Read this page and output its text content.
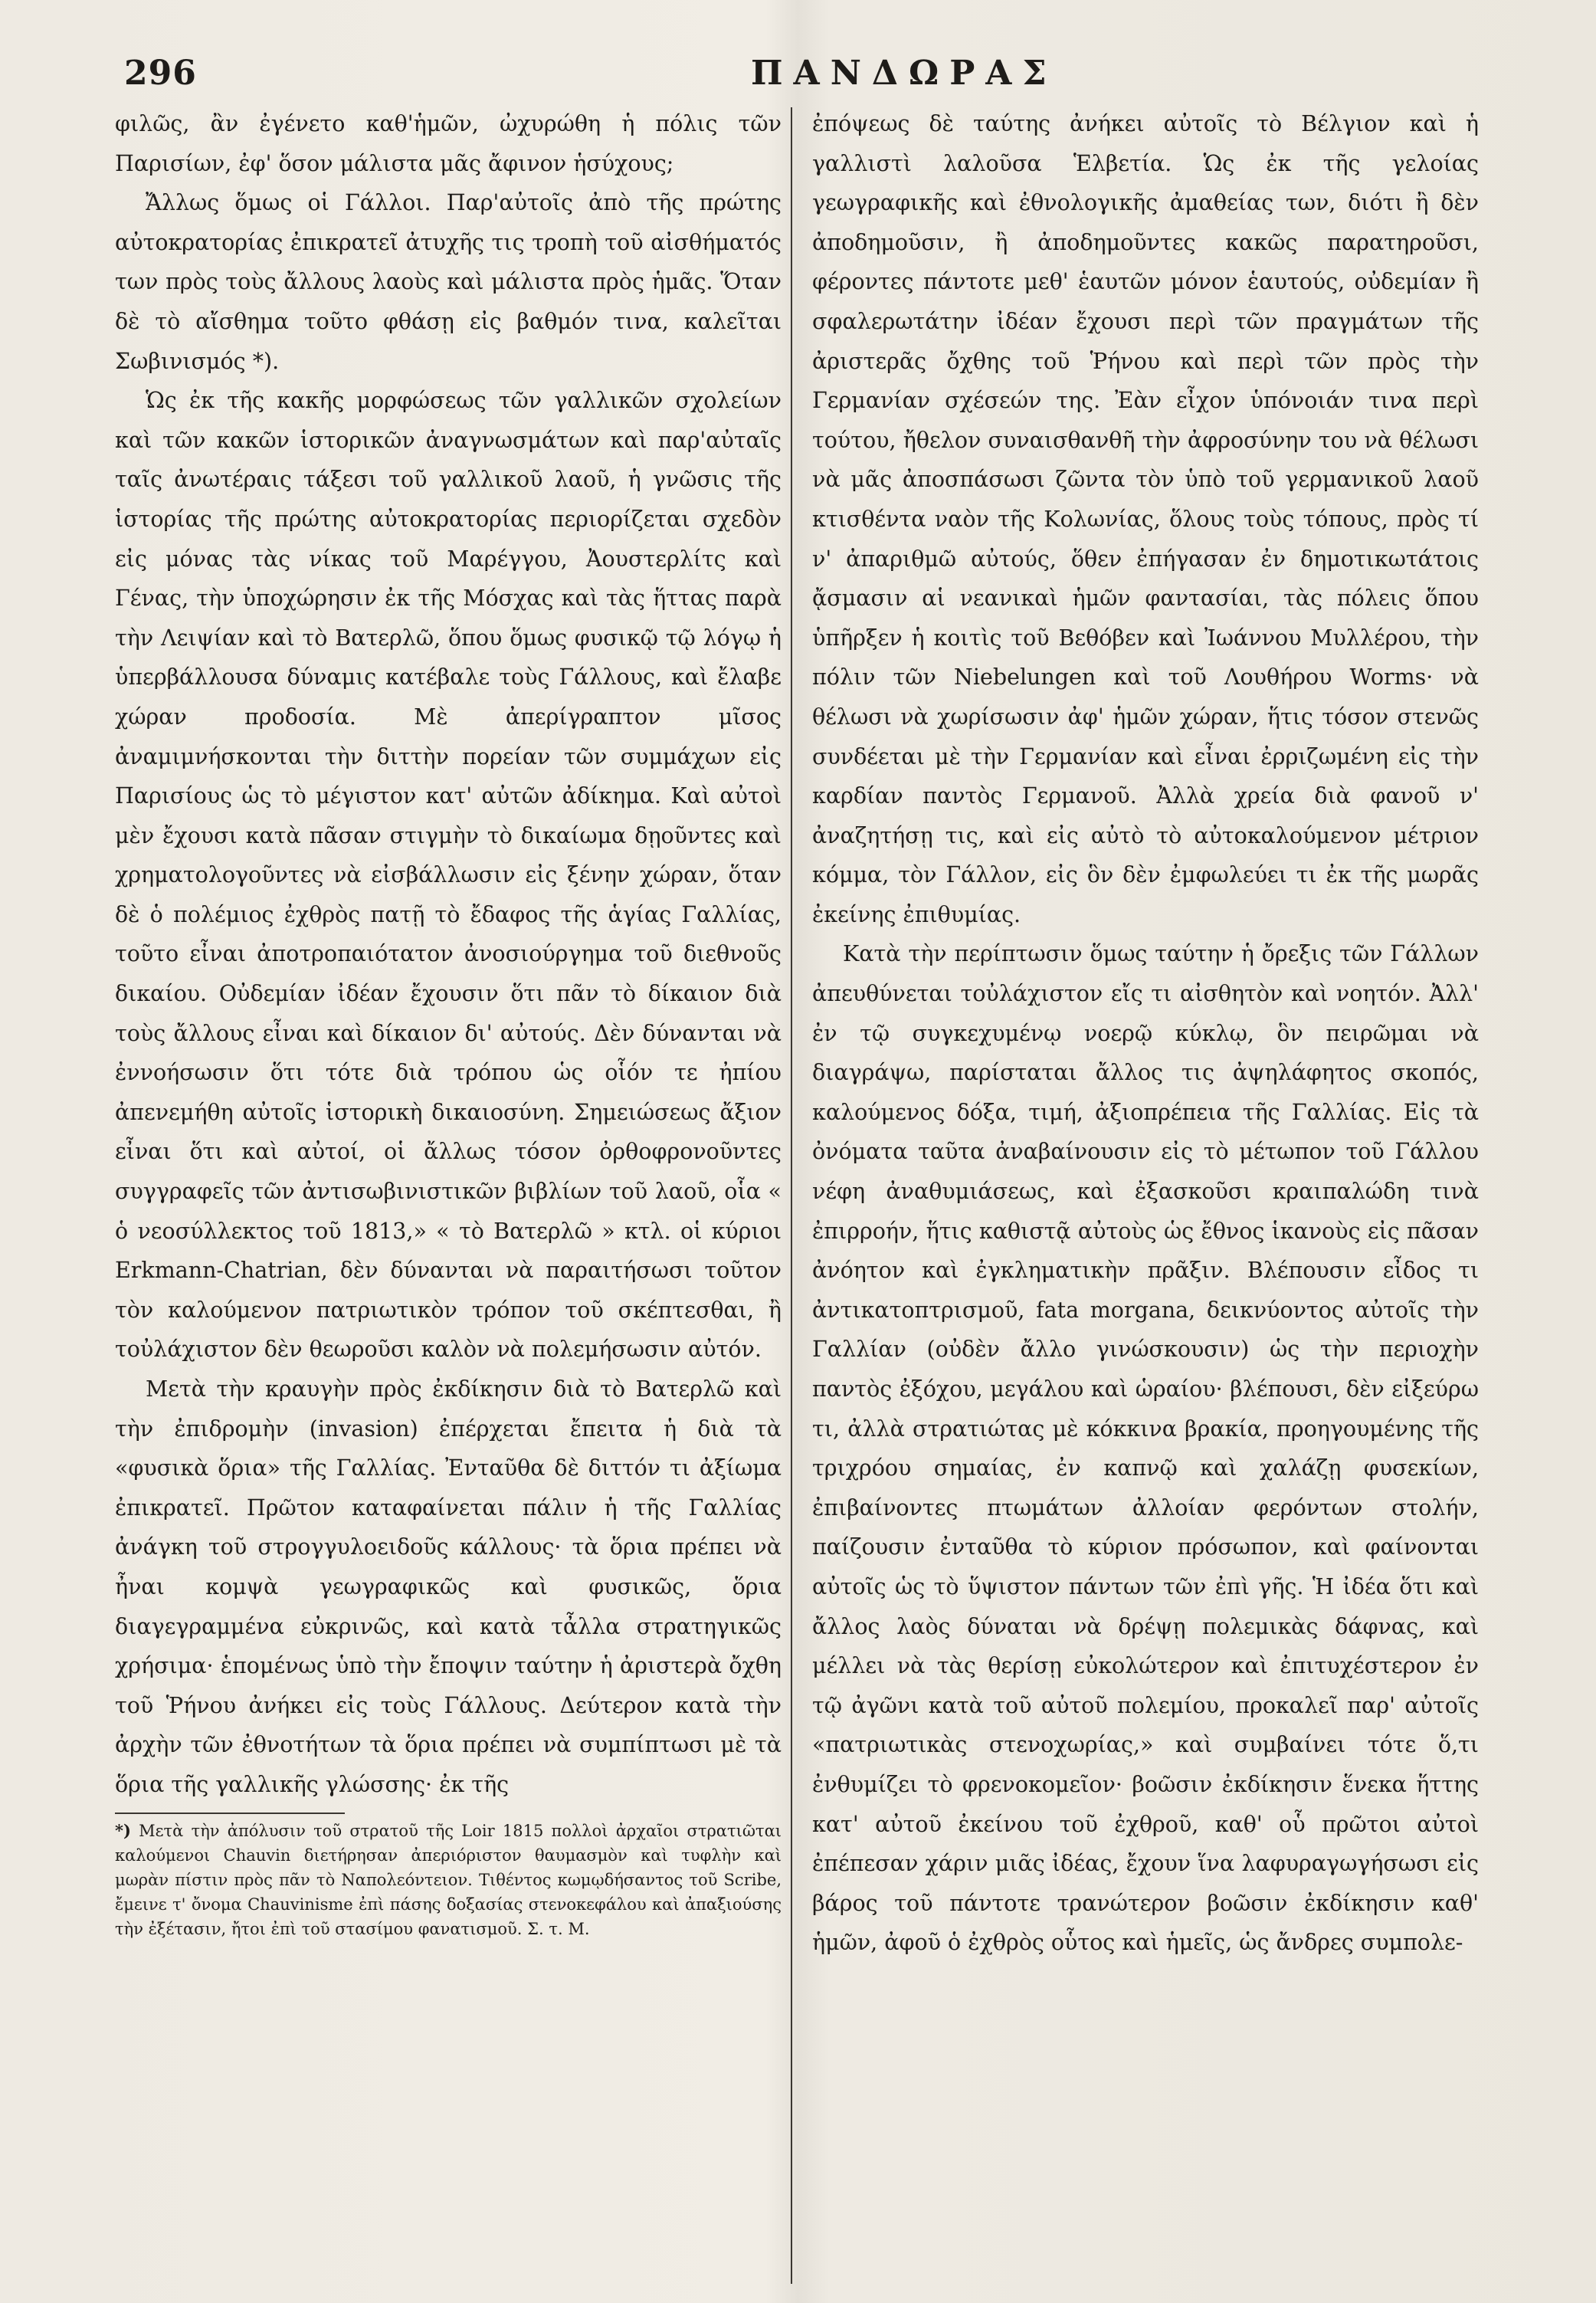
296	ΠΑΝΔΩΡΑΣ

φιλῶς, ἂν ἐγένετο καθ'ἡμῶν, ὠχυρώθη ἡ πόλις τῶν Παρισίων, ἐφ' ὅσον μάλιστα μᾶς ἄφινον ἡσύχους;

Ἄλλως ὅμως οἱ Γάλλοι. Παρ'αὐτοῖς ἀπὸ τῆς πρώτης αὐτοκρατορίας ἐπικρατεῖ ἀτυχῆς τις τροπὴ τοῦ αἰσθήματός των πρὸς τοὺς ἄλλους λαοὺς καὶ μάλιστα πρὸς ἡμᾶς. Ὅταν δὲ τὸ αἴσθημα τοῦτο φθάσῃ εἰς βαθμόν τινα, καλεῖται Σωβινισμός *).

Ὡς ἐκ τῆς κακῆς μορφώσεως τῶν γαλλικῶν σχολείων καὶ τῶν κακῶν ἱστορικῶν ἀναγνωσμάτων καὶ παρ'αὐταῖς ταῖς ἀνωτέραις τάξεσι τοῦ γαλλικοῦ λαοῦ, ἡ γνῶσις τῆς ἱστορίας τῆς πρώτης αὐτοκρατορίας περιορίζεται σχεδὸν εἰς μόνας τὰς νίκας τοῦ Μαρέγγου, Ἀουστερλίτς καὶ Γένας, τὴν ὑποχώρησιν ἐκ τῆς Μόσχας καὶ τὰς ἥττας παρὰ τὴν Λειψίαν καὶ τὸ Βατερλῶ, ὅπου ὅμως φυσικῷ τῷ λόγῳ ἡ ὑπερβάλλουσα δύναμις κατέβαλε τοὺς Γάλλους, καὶ ἔλαβε χώραν προδοσία. Μὲ ἀπερίγραπτον μῖσος ἀναμιμνήσκονται τὴν διττὴν πορείαν τῶν συμμάχων εἰς Παρισίους ὡς τὸ μέγιστον κατ' αὐτῶν ἀδίκημα. Καὶ αὐτοὶ μὲν ἔχουσι κατὰ πᾶσαν στιγμὴν τὸ δικαίωμα δῃοῦντες καὶ χρηματολογοῦντες νὰ εἰσβάλλωσιν εἰς ξένην χώραν, ὅταν δὲ ὁ πολέμιος ἐχθρὸς πατῇ τὸ ἔδαφος τῆς ἁγίας Γαλλίας, τοῦτο εἶναι ἀποτροπαιότατον ἀνοσιούργημα τοῦ διεθνοῦς δικαίου. Οὐδεμίαν ἰδέαν ἔχουσιν ὅτι πᾶν τὸ δίκαιον διὰ τοὺς ἄλλους εἶναι καὶ δίκαιον δι' αὐτούς. Δὲν δύνανται νὰ ἐννοήσωσιν ὅτι τότε διὰ τρόπου ὡς οἷόν τε ἠπίου ἀπενεμήθη αὐτοῖς ἱστορικὴ δικαιοσύνη. Σημειώσεως ἄξιον εἶναι ὅτι καὶ αὐτοί, οἱ ἄλλως τόσον ὀρθοφρονοῦντες συγγραφεῖς τῶν ἀντισωβινιστικῶν βιβλίων τοῦ λαοῦ, οἷα « ὁ νεοσύλλεκτος τοῦ 1813,» « τὸ Βατερλῶ » κτλ. οἱ κύριοι Erkmann-Chatrian, δὲν δύνανται νὰ παραιτήσωσι τοῦτον τὸν καλούμενον πατριωτικὸν τρόπον τοῦ σκέπτεσθαι, ἢ τοὐλάχιστον δὲν θεωροῦσι καλὸν νὰ πολεμήσωσιν αὐτόν.

Μετὰ τὴν κραυγὴν πρὸς ἐκδίκησιν διὰ τὸ Βατερλῶ καὶ τὴν ἐπιδρομὴν (invasion) ἐπέρχεται ἔπειτα ἡ διὰ τὰ «φυσικὰ ὅρια» τῆς Γαλλίας. Ἐνταῦθα δὲ διττόν τι ἀξίωμα ἐπικρατεῖ. Πρῶτον καταφαίνεται πάλιν ἡ τῆς Γαλλίας ἀνάγκη τοῦ στρογγυλοειδοῦς κάλλους· τὰ ὅρια πρέπει νὰ ἦναι κομψὰ γεωγραφικῶς καὶ φυσικῶς, ὅρια διαγεγραμμένα εὐκρινῶς, καὶ κατὰ τἆλλα στρατηγικῶς χρήσιμα· ἑπομένως ὑπὸ τὴν ἔποψιν ταύτην ἡ ἀριστερὰ ὄχθη τοῦ Ῥήνου ἀνήκει εἰς τοὺς Γάλλους. Δεύτερον κατὰ τὴν ἀρχὴν τῶν ἐθνοτήτων τὰ ὅρια πρέπει νὰ συμπίπτωσι μὲ τὰ ὅρια τῆς γαλλικῆς γλώσσης· ἐκ τῆς

*) Μετὰ τὴν ἀπόλυσιν τοῦ στρατοῦ τῆς Loir 1815 πολλοὶ ἀρχαῖοι στρατιῶται καλούμενοι Chauvin διετήρησαν ἀπεριόριστον θαυμασμὸν καὶ τυφλὴν καὶ μωρὰν πίστιν πρὸς πᾶν τὸ Ναπολεόντειον. Τιθέντος κωμῳδήσαντος τοῦ Scribe, ἔμεινε τ' ὄνομα Chauvinisme ἐπὶ πάσης δοξασίας στενοκεφάλου καὶ ἀπαξιούσης τὴν ἐξέτασιν, ἤτοι ἐπὶ τοῦ στασίμου φανατισμοῦ. Σ. τ. Μ.

ἐπόψεως δὲ ταύτης ἀνήκει αὐτοῖς τὸ Βέλγιον καὶ ἡ γαλλιστὶ λαλοῦσα Ἑλβετία. Ὡς ἐκ τῆς γελοίας γεωγραφικῆς καὶ ἐθνολογικῆς ἀμαθείας των, διότι ἢ δὲν ἀποδημοῦσιν, ἢ ἀποδημοῦντες κακῶς παρατηροῦσι, φέροντες πάντοτε μεθ' ἑαυτῶν μόνον ἑαυτούς, οὐδεμίαν ἢ σφαλερωτάτην ἰδέαν ἔχουσι περὶ τῶν πραγμάτων τῆς ἀριστερᾶς ὄχθης τοῦ Ῥήνου καὶ περὶ τῶν πρὸς τὴν Γερμανίαν σχέσεών της. Ἐὰν εἶχον ὑπόνοιάν τινα περὶ τούτου, ἤθελον συναισθανθῆ τὴν ἀφροσύνην του νὰ θέλωσι νὰ μᾶς ἀποσπάσωσι ζῶντα τὸν ὑπὸ τοῦ γερμανικοῦ λαοῦ κτισθέντα ναὸν τῆς Κολωνίας, ὅλους τοὺς τόπους, πρὸς τί ν' ἀπαριθμῶ αὐτούς, ὅθεν ἐπήγασαν ἐν δημοτικωτάτοις ᾄσμασιν αἱ νεανικαὶ ἡμῶν φαντασίαι, τὰς πόλεις ὅπου ὑπῆρξεν ἡ κοιτὶς τοῦ Βεθόβεν καὶ Ἰωάννου Μυλλέρου, τὴν πόλιν τῶν Niebelungen καὶ τοῦ Λουθήρου Worms· νὰ θέλωσι νὰ χωρίσωσιν ἀφ' ἡμῶν χώραν, ἥτις τόσον στενῶς συνδέεται μὲ τὴν Γερμανίαν καὶ εἶναι ἐρριζωμένη εἰς τὴν καρδίαν παντὸς Γερμανοῦ. Ἀλλὰ χρεία διὰ φανοῦ ν' ἀναζητήσῃ τις, καὶ εἰς αὐτὸ τὸ αὐτοκαλούμενον μέτριον κόμμα, τὸν Γάλλον, εἰς ὃν δὲν ἐμφωλεύει τι ἐκ τῆς μωρᾶς ἐκείνης ἐπιθυμίας.

Κατὰ τὴν περίπτωσιν ὅμως ταύτην ἡ ὄρεξις τῶν Γάλλων ἀπευθύνεται τοὐλάχιστον εἴς τι αἰσθητὸν καὶ νοητόν. Ἀλλ' ἐν τῷ συγκεχυμένῳ νοερῷ κύκλῳ, ὃν πειρῶμαι νὰ διαγράψω, παρίσταται ἄλλος τις ἀψηλάφητος σκοπός, καλούμενος δόξα, τιμή, ἀξιοπρέπεια τῆς Γαλλίας. Εἰς τὰ ὀνόματα ταῦτα ἀναβαίνουσιν εἰς τὸ μέτωπον τοῦ Γάλλου νέφη ἀναθυμιάσεως, καὶ ἐξασκοῦσι κραιπαλώδη τινὰ ἐπιρροήν, ἥτις καθιστᾷ αὐτοὺς ὡς ἔθνος ἱκανοὺς εἰς πᾶσαν ἀνόητον καὶ ἐγκληματικὴν πρᾶξιν. Βλέπουσιν εἶδος τι ἀντικατοπτρισμοῦ, fata morgana, δεικνύοντος αὐτοῖς τὴν Γαλλίαν (οὐδὲν ἄλλο γινώσκουσιν) ὡς τὴν περιοχὴν παντὸς ἐξόχου, μεγάλου καὶ ὡραίου· βλέπουσι, δὲν εἰξεύρω τι, ἀλλὰ στρατιώτας μὲ κόκκινα βρακία, προηγουμένης τῆς τριχρόου σημαίας, ἐν καπνῷ καὶ χαλάζῃ φυσεκίων, ἐπιβαίνοντες πτωμάτων ἀλλοίαν φερόντων στολήν, παίζουσιν ἐνταῦθα τὸ κύριον πρόσωπον, καὶ φαίνονται αὐτοῖς ὡς τὸ ὕψιστον πάντων τῶν ἐπὶ γῆς. Ἡ ἰδέα ὅτι καὶ ἄλλος λαὸς δύναται νὰ δρέψῃ πολεμικὰς δάφνας, καὶ μέλλει νὰ τὰς θερίσῃ εὐκολώτερον καὶ ἐπιτυχέστερον ἐν τῷ ἀγῶνι κατὰ τοῦ αὐτοῦ πολεμίου, προκαλεῖ παρ' αὐτοῖς «πατριωτικὰς στενοχωρίας,» καὶ συμβαίνει τότε ὅ,τι ἐνθυμίζει τὸ φρενοκομεῖον· βοῶσιν ἐκδίκησιν ἕνεκα ἥττης κατ' αὐτοῦ ἐκείνου τοῦ ἐχθροῦ, καθ' οὗ πρῶτοι αὐτοὶ ἐπέπεσαν χάριν μιᾶς ἰδέας, ἔχουν ἵνα λαφυραγωγήσωσι εἰς βάρος τοῦ πάντοτε τρανώτερον βοῶσιν ἐκδίκησιν καθ' ἡμῶν, ἀφοῦ ὁ ἐχθρὸς οὗτος καὶ ἡμεῖς, ὡς ἄνδρες συμπολε-
